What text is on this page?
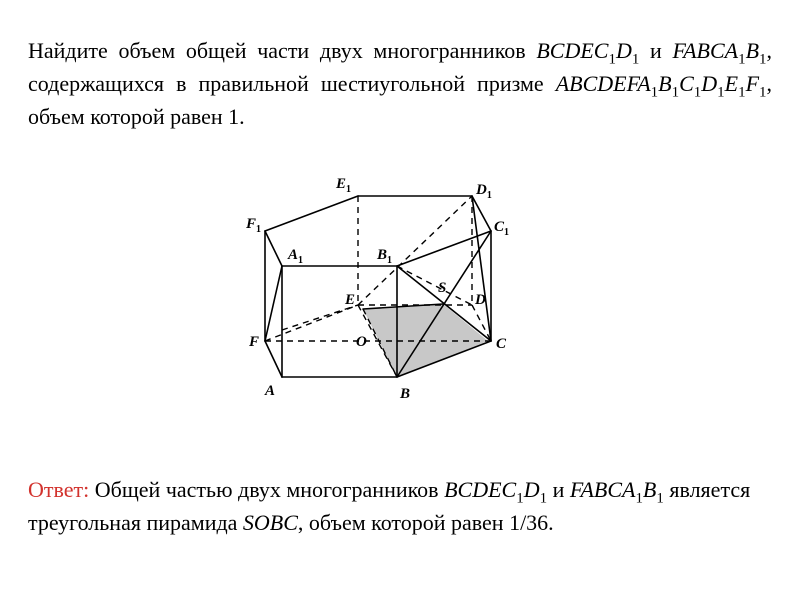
Найдите объем общей части двух многогранников $BCDEC_1D_1$ и $FABCA_1B_1$, содержащихся в правильной шестиугольной призме $ABCDEFA_1B_1C_1D_1E_1F_1$, объем которой равен 1.

$E_1$	$D_1$
$F_1$	$C_1$
$A_1$	$B_1$
S
E	D
F	O	C
A	B

Ответ: Общей частью двух многогранников $BCDEC_1D_1$ и $FABCA_1B_1$ является треугольная пирамида SOBC, объем которой равен 1/36.
